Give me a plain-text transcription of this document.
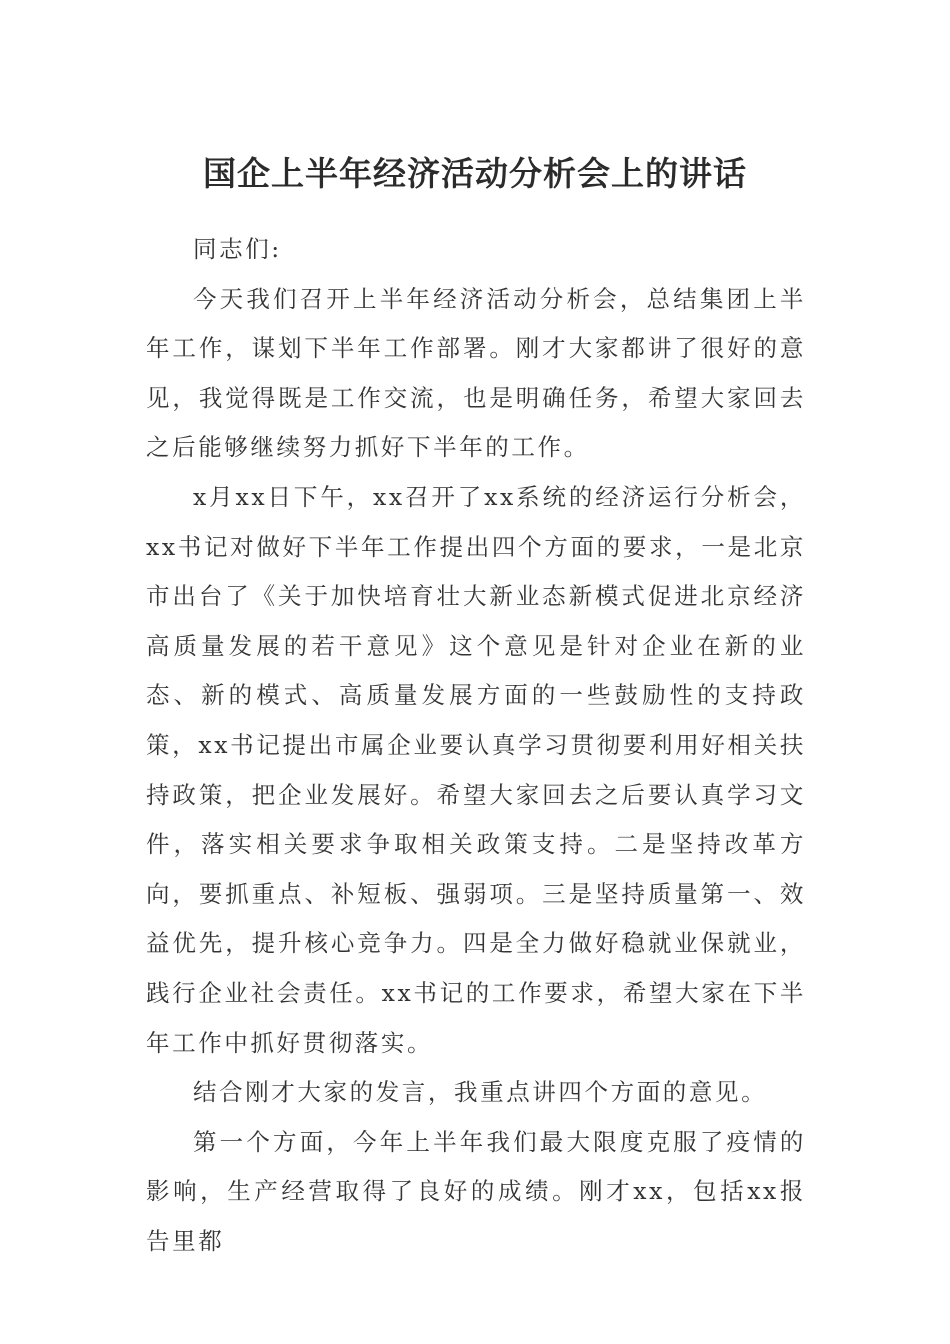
国企上半年经济活动分析会上的讲话

同志们:

今天我们召开上半年经济活动分析会，总结集团上半年工作，谋划下半年工作部署。刚才大家都讲了很好的意见，我觉得既是工作交流，也是明确任务，希望大家回去之后能够继续努力抓好下半年的工作。

x月xx日下午，xx召开了xx系统的经济运行分析会，xx书记对做好下半年工作提出四个方面的要求，一是北京市出台了《关于加快培育壮大新业态新模式促进北京经济高质量发展的若干意见》这个意见是针对企业在新的业态、新的模式、高质量发展方面的一些鼓励性的支持政策，xx书记提出市属企业要认真学习贯彻要利用好相关扶持政策，把企业发展好。希望大家回去之后要认真学习文件，落实相关要求争取相关政策支持。二是坚持改革方向，要抓重点、补短板、强弱项。三是坚持质量第一、效益优先，提升核心竞争力。四是全力做好稳就业保就业，践行企业社会责任。xx书记的工作要求，希望大家在下半年工作中抓好贯彻落实。

结合刚才大家的发言，我重点讲四个方面的意见。

第一个方面，今年上半年我们最大限度克服了疫情的影响，生产经营取得了良好的成绩。刚才xx，包括xx报告里都
